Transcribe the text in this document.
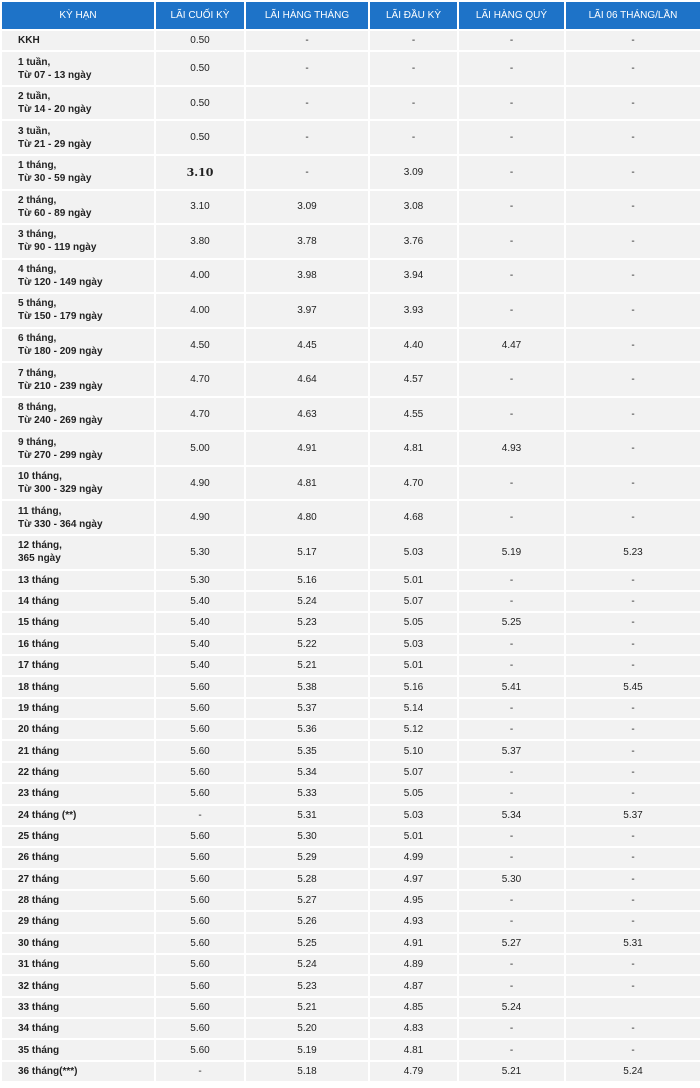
KỲ HẠN	LÃI CUỐI KỲ	LÃI HÀNG THÁNG	LÃI ĐẦU KỲ	LÃI HÀNG QUÝ	LÃI 06 THÁNG/LẦN
KKH	0.50	-	-	-	-
1 tuần,
Từ 07 - 13 ngày	0.50	-	-	-	-
2 tuần,
Từ 14 - 20 ngày	0.50	-	-	-	-
3 tuần,
Từ 21 - 29 ngày	0.50	-	-	-	-
1 tháng,
Từ 30 - 59 ngày	3.10	-	3.09	-	-
2 tháng,
Từ 60 - 89 ngày	3.10	3.09	3.08	-	-
3 tháng,
Từ 90 - 119 ngày	3.80	3.78	3.76	-	-
4 tháng,
Từ 120 - 149 ngày	4.00	3.98	3.94	-	-
5 tháng,
Từ 150 - 179 ngày	4.00	3.97	3.93	-	-
6 tháng,
Từ 180 - 209 ngày	4.50	4.45	4.40	4.47	-
7 tháng,
Từ 210 - 239 ngày	4.70	4.64	4.57	-	-
8 tháng,
Từ 240 - 269 ngày	4.70	4.63	4.55	-	-
9 tháng,
Từ 270 - 299 ngày	5.00	4.91	4.81	4.93	-
10 tháng,
Từ 300 - 329 ngày	4.90	4.81	4.70	-	-
11 tháng,
Từ 330 - 364 ngày	4.90	4.80	4.68	-	-
12 tháng,
365 ngày	5.30	5.17	5.03	5.19	5.23
13 tháng	5.30	5.16	5.01	-	-
14 tháng	5.40	5.24	5.07	-	-
15 tháng	5.40	5.23	5.05	5.25	-
16 tháng	5.40	5.22	5.03	-	-
17 tháng	5.40	5.21	5.01	-	-
18 tháng	5.60	5.38	5.16	5.41	5.45
19 tháng	5.60	5.37	5.14	-	-
20 tháng	5.60	5.36	5.12	-	-
21 tháng	5.60	5.35	5.10	5.37	-
22 tháng	5.60	5.34	5.07	-	-
23 tháng	5.60	5.33	5.05	-	-
24 tháng (**)	-	5.31	5.03	5.34	5.37
25 tháng	5.60	5.30	5.01	-	-
26 tháng	5.60	5.29	4.99	-	-
27 tháng	5.60	5.28	4.97	5.30	-
28 tháng	5.60	5.27	4.95	-	-
29 tháng	5.60	5.26	4.93	-	-
30 tháng	5.60	5.25	4.91	5.27	5.31
31 tháng	5.60	5.24	4.89	-	-
32 tháng	5.60	5.23	4.87	-	-
33 tháng	5.60	5.21	4.85	5.24	
34 tháng	5.60	5.20	4.83	-	-
35 tháng	5.60	5.19	4.81	-	-
36 tháng(***)	-	5.18	4.79	5.21	5.24
